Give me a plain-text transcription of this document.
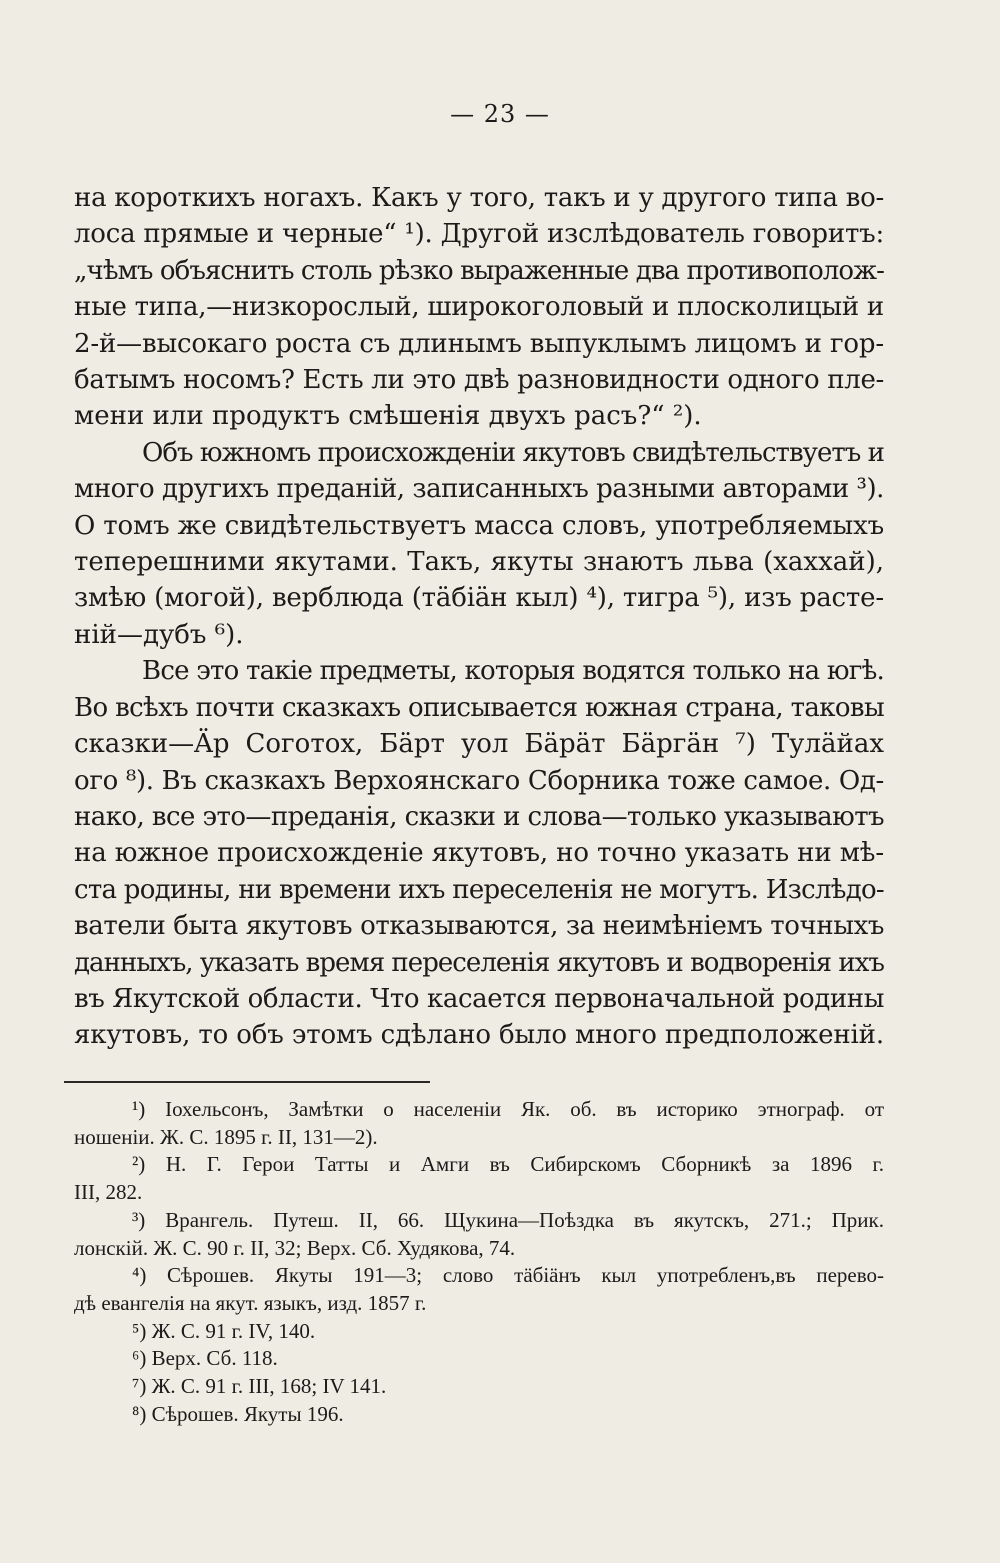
— 23 —
на короткихъ ногахъ. Какъ у того, такъ и у другого типа во-
лоса прямые и черные“ ¹). Другой изслѣдователь говоритъ:
„чѣмъ объяснить столь рѣзко выраженные два противополож-
ные типа,—низкорослый, широкоголовый и плосколицый и
2-й—высокаго роста съ длинымъ выпуклымъ лицомъ и гор-
батымъ носомъ? Есть ли это двѣ разновидности одного пле-
мени или продуктъ смѣшенія двухъ расъ?“ ²).
Объ южномъ происхожденіи якутовъ свидѣтельствуетъ и
много другихъ преданій, записанныхъ разными авторами ³).
О томъ же свидѣтельствуетъ масса словъ, употребляемыхъ
теперешними якутами. Такъ, якуты знаютъ льва (хаххай),
змѣю (могой), верблюда (тäбiäн кыл) ⁴), тигра ⁵), изъ расте-
ній—дубъ ⁶).
Все это такіе предметы, которыя водятся только на югѣ.
Во всѣхъ почти сказкахъ описывается южная страна, таковы
сказки—Äр Соготох, Бäрт уол Бäрäт Бäргäн ⁷) Тулäйах
ого ⁸). Въ сказкахъ Верхоянскаго Сборника тоже самое. Од-
нако, все это—преданія, сказки и слова—только указываютъ
на южное происхожденіе якутовъ, но точно указать ни мѣ-
ста родины, ни времени ихъ переселенія не могутъ. Изслѣдо-
ватели быта якутовъ отказываются, за неимѣніемъ точныхъ
данныхъ, указать время переселенія якутовъ и водворенія ихъ
въ Якутской области. Что касается первоначальной родины
якутовъ, то объ этомъ сдѣлано было много предположеній.
¹) Іохельсонъ, Замѣтки о населеніи Як. об. въ историко этнограф. от
ношеніи. Ж. С. 1895 г. II, 131—2).
²) Н. Г. Герои Татты и Амги въ Сибирскомъ Сборникѣ за 1896 г.
III, 282.
³) Врангель. Путеш. II, 66. Щукина—Поѣздка въ якутскъ, 271.; Прик.
лонскій. Ж. С. 90 г. II, 32; Верх. Сб. Худякова, 74.
⁴) Сѣрошев. Якуты 191—3; слово тäбiäнъ кыл употребленъ,въ перево-
дѣ евангелія на якут. языкъ, изд. 1857 г.
⁵) Ж. С. 91 г. IV, 140.
⁶) Верх. Сб. 118.
⁷) Ж. С. 91 г. III, 168; IV 141.
⁸) Сѣрошев. Якуты 196.
